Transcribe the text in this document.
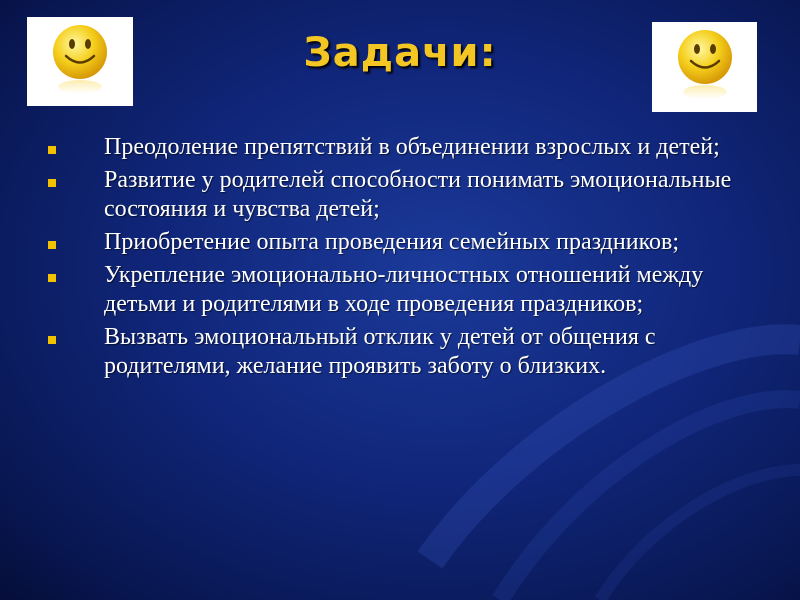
Задачи:
Преодоление препятствий в объединении взрослых и детей;
Развитие у родителей способности понимать эмоциональные состояния и чувства детей;
Приобретение опыта проведения семейных праздников;
Укрепление эмоционально-личностных отношений между детьми и родителями в ходе проведения праздников;
Вызвать эмоциональный отклик у детей от общения с родителями, желание проявить заботу о близких.
